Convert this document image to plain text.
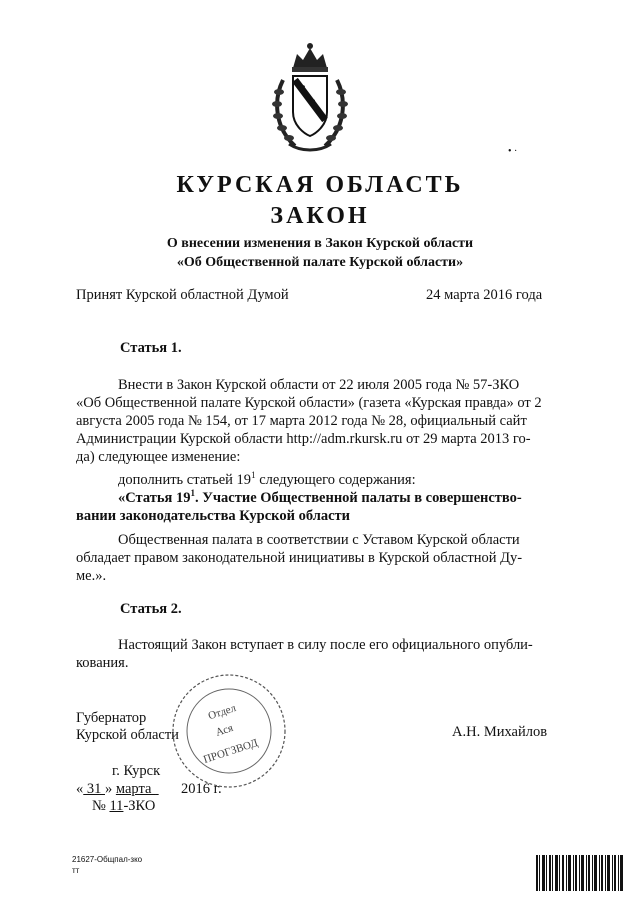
• ·
КУРСКАЯ ОБЛАСТЬ
ЗАКОН
О внесении изменения в Закон Курской области
«Об Общественной палате Курской области»
Принят Курской областной Думой	24 марта 2016 года
Статья 1.
Внести в Закон Курской области от 22 июля 2005 года № 57-ЗКО
«Об Общественной палате Курской области» (газета «Курская правда» от 2
августа 2005 года № 154, от 17 марта 2012 года № 28, официальный сайт
Администрации Курской области http://adm.rkursk.ru от 29 марта 2013 го-
да) следующее изменение:
дополнить статьей $19^1$ следующего содержания:
«Статья $19^1$. Участие Общественной палаты в совершенство-
вании законодательства Курской области
Общественная палата в соответствии с Уставом Курской области
обладает правом законодательной инициативы в Курской областной Ду-
ме.».
Статья 2.
Настоящий Закон вступает в силу после его официального опубли-
кования.
Отдел
Ася
ПРОГЗВОД
Губернатор
Курской области	А.Н. Михайлов
г. Курск
« 31 » марта  2016 г.
№ 11-ЗКО
21627-Общпал-зко
тт
